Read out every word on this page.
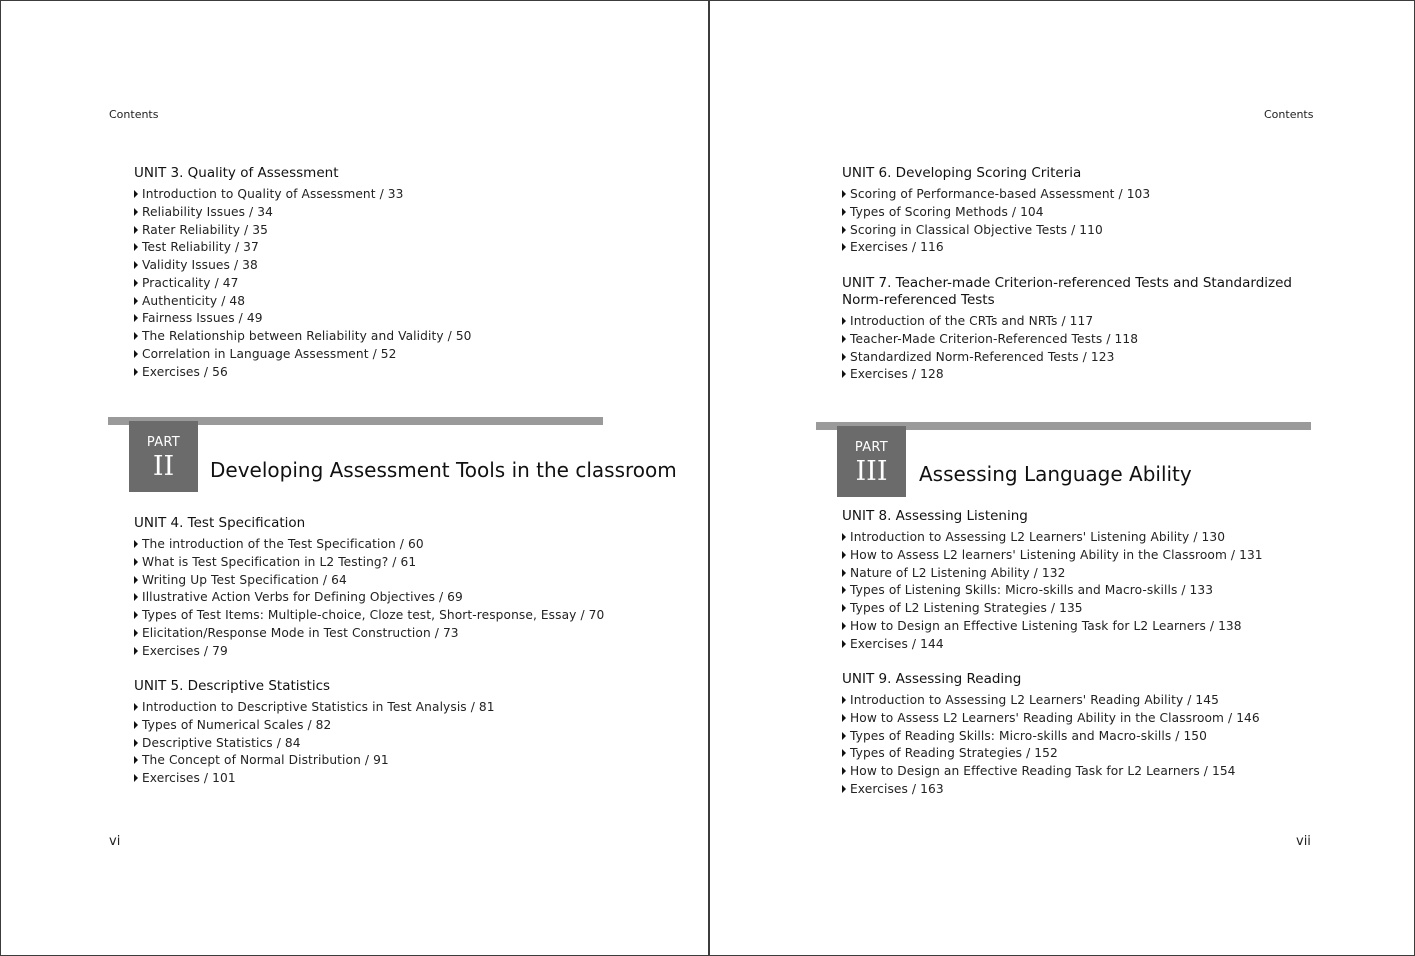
Contents
UNIT 3. Quality of Assessment
Introduction to Quality of Assessment / 33
Reliability Issues / 34
Rater Reliability / 35
Test Reliability / 37
Validity Issues / 38
Practicality / 47
Authenticity / 48
Fairness Issues / 49
The Relationship between Reliability and Validity / 50
Correlation in Language Assessment / 52
Exercises / 56
PART
II	Developing Assessment Tools in the classroom
UNIT 4. Test Specification
The introduction of the Test Specification / 60
What is Test Specification in L2 Testing? / 61
Writing Up Test Specification / 64
Illustrative Action Verbs for Defining Objectives / 69
Types of Test Items: Multiple-choice, Cloze test, Short-response, Essay / 70
Elicitation/Response Mode in Test Construction / 73
Exercises / 79
UNIT 5. Descriptive Statistics
Introduction to Descriptive Statistics in Test Analysis / 81
Types of Numerical Scales / 82
Descriptive Statistics / 84
The Concept of Normal Distribution / 91
Exercises / 101
vi
Contents
UNIT 6. Developing Scoring Criteria
Scoring of Performance-based Assessment / 103
Types of Scoring Methods / 104
Scoring in Classical Objective Tests / 110
Exercises / 116
UNIT 7. Teacher-made Criterion-referenced Tests and Standardized
Norm-referenced Tests
Introduction of the CRTs and NRTs / 117
Teacher-Made Criterion-Referenced Tests / 118
Standardized Norm-Referenced Tests / 123
Exercises / 128
PART
III	Assessing Language Ability
UNIT 8. Assessing Listening
Introduction to Assessing L2 Learners' Listening Ability / 130
How to Assess L2 learners' Listening Ability in the Classroom / 131
Nature of L2 Listening Ability / 132
Types of Listening Skills: Micro-skills and Macro-skills / 133
Types of L2 Listening Strategies / 135
How to Design an Effective Listening Task for L2 Learners / 138
Exercises / 144
UNIT 9. Assessing Reading
Introduction to Assessing L2 Learners' Reading Ability / 145
How to Assess L2 Learners' Reading Ability in the Classroom / 146
Types of Reading Skills: Micro-skills and Macro-skills / 150
Types of Reading Strategies / 152
How to Design an Effective Reading Task for L2 Learners / 154
Exercises / 163
vii
